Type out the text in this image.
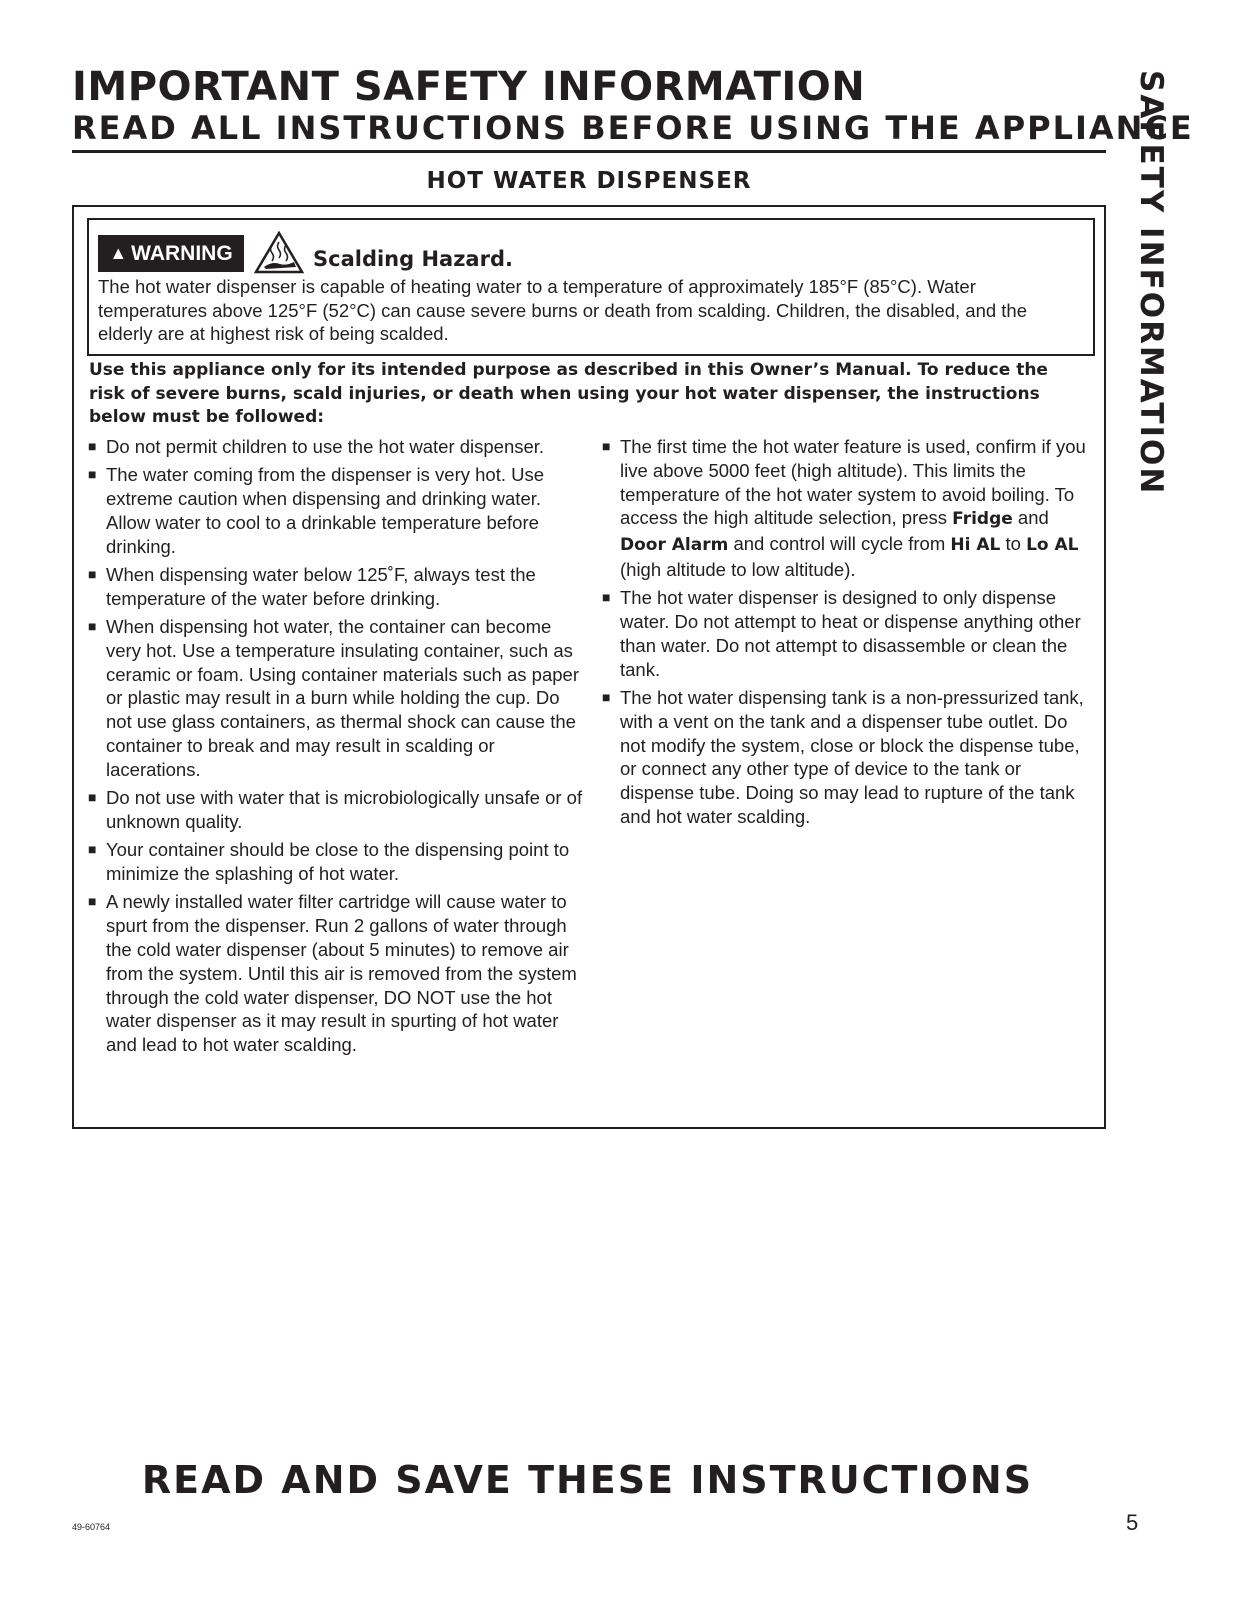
IMPORTANT SAFETY INFORMATION
READ ALL INSTRUCTIONS BEFORE USING THE APPLIANCE
HOT WATER DISPENSER	SAFETY INFORMATION
▲ WARNING	Scalding Hazard.
The hot water dispenser is capable of heating water to a temperature of approximately 185°F (85°C). Water temperatures above 125°F (52°C) can cause severe burns or death from scalding. Children, the disabled, and the elderly are at highest risk of being scalded.
Use this appliance only for its intended purpose as described in this Owner’s Manual. To reduce the risk of severe burns, scald injuries, or death when using your hot water dispenser, the instructions below must be followed:
■ Do not permit children to use the hot water dispenser.
■ The water coming from the dispenser is very hot. Use extreme caution when dispensing and drinking water. Allow water to cool to a drinkable temperature before drinking.
■ When dispensing water below 125˚F, always test the temperature of the water before drinking.
■ When dispensing hot water, the container can become very hot. Use a temperature insulating container, such as ceramic or foam. Using container materials such as paper or plastic may result in a burn while holding the cup. Do not use glass containers, as thermal shock can cause the container to break and may result in scalding or lacerations.
■ Do not use with water that is microbiologically unsafe or of unknown quality.
■ Your container should be close to the dispensing point to minimize the splashing of hot water.
■ A newly installed water filter cartridge will cause water to spurt from the dispenser. Run 2 gallons of water through the cold water dispenser (about 5 minutes) to remove air from the system. Until this air is removed from the system through the cold water dispenser, DO NOT use the hot water dispenser as it may result in spurting of hot water and lead to hot water scalding.
■ The first time the hot water feature is used, confirm if you live above 5000 feet (high altitude). This limits the temperature of the hot water system to avoid boiling. To access the high altitude selection, press Fridge and Door Alarm and control will cycle from Hi AL to Lo AL (high altitude to low altitude).
■ The hot water dispenser is designed to only dispense water. Do not attempt to heat or dispense anything other than water. Do not attempt to disassemble or clean the tank.
■ The hot water dispensing tank is a non-pressurized tank, with a vent on the tank and a dispenser tube outlet. Do not modify the system, close or block the dispense tube, or connect any other type of device to the tank or dispense tube. Doing so may lead to rupture of the tank and hot water scalding.
READ AND SAVE THESE INSTRUCTIONS
49-60764	5
